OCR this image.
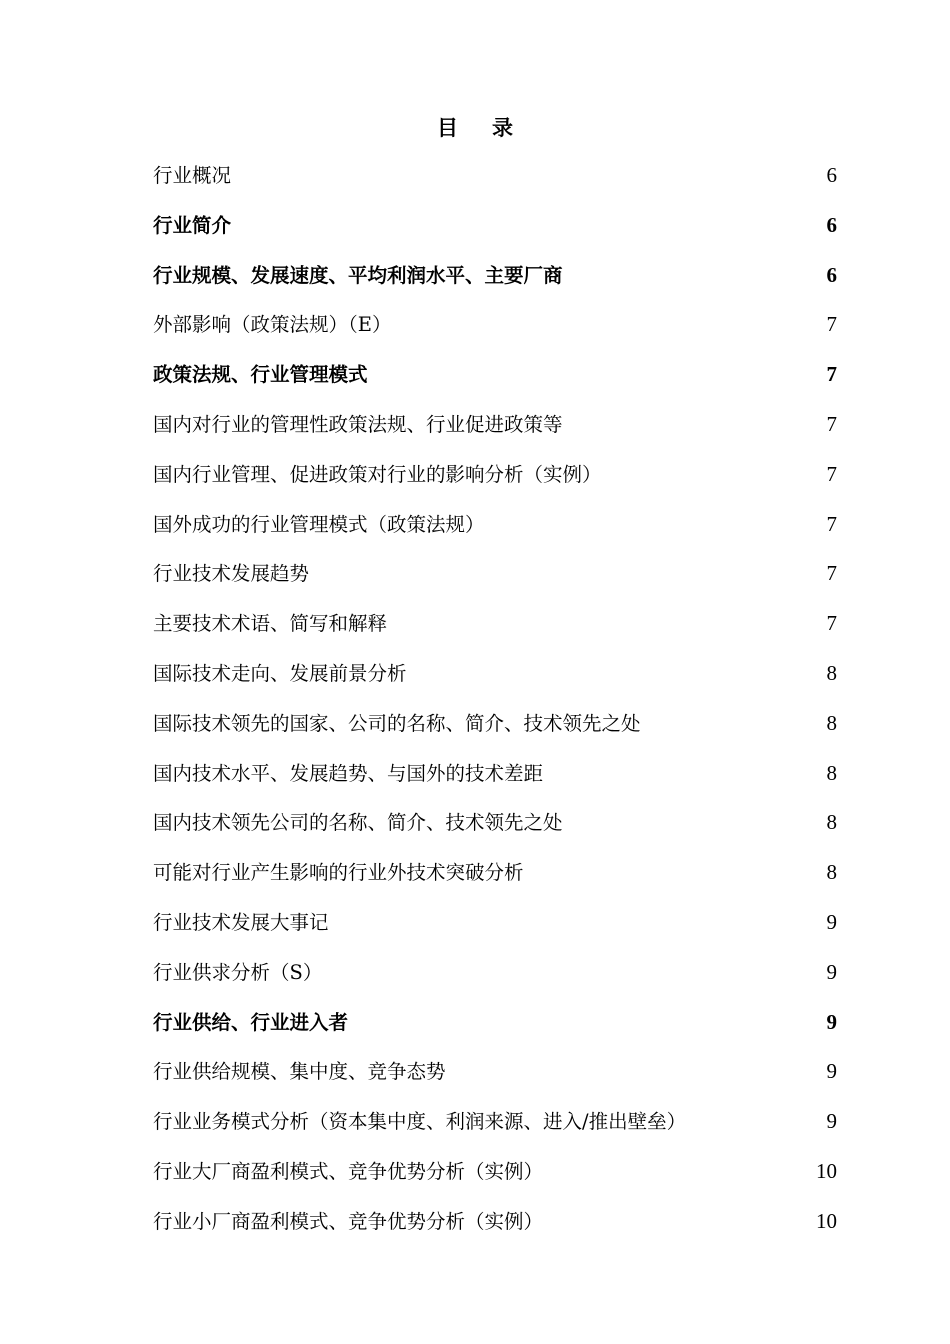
目 录
行业概况	6
行业简介	6
行业规模、发展速度、平均利润水平、主要厂商	6
外部影响（政策法规）（E）	7
政策法规、行业管理模式	7
国内对行业的管理性政策法规、行业促进政策等	7
国内行业管理、促进政策对行业的影响分析（实例）	7
国外成功的行业管理模式（政策法规）	7
行业技术发展趋势	7
主要技术术语、简写和解释	7
国际技术走向、发展前景分析	8
国际技术领先的国家、公司的名称、简介、技术领先之处	8
国内技术水平、发展趋势、与国外的技术差距	8
国内技术领先公司的名称、简介、技术领先之处	8
可能对行业产生影响的行业外技术突破分析	8
行业技术发展大事记	9
行业供求分析（S）	9
行业供给、行业进入者	9
行业供给规模、集中度、竞争态势	9
行业业务模式分析（资本集中度、利润来源、进入/推出壁垒）	9
行业大厂商盈利模式、竞争优势分析（实例）	10
行业小厂商盈利模式、竞争优势分析（实例）	10
